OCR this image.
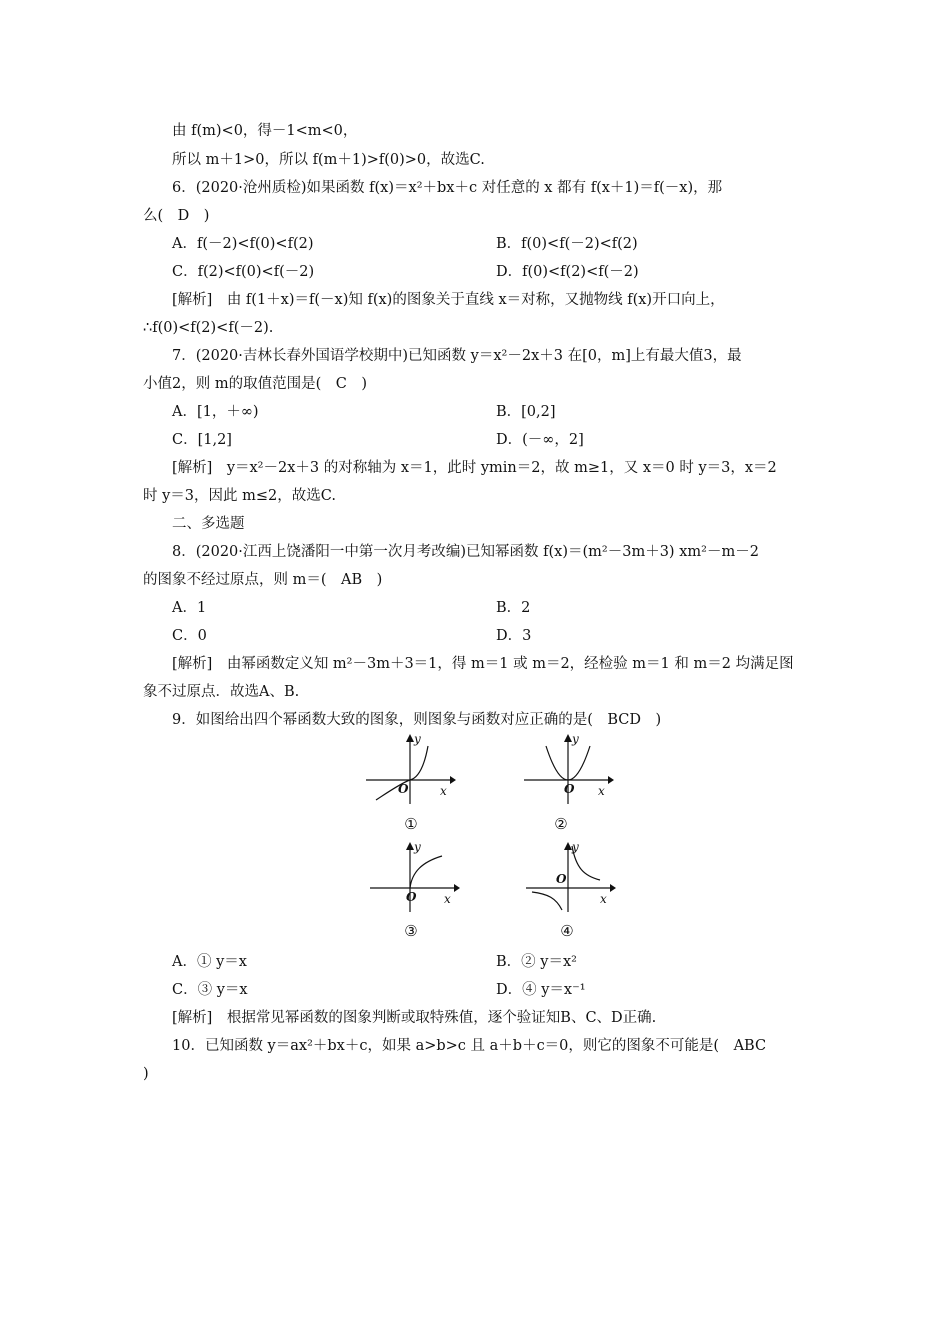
由 f(m)<0，得－1<m<0，
所以 m＋1>0，所以 f(m＋1)>f(0)>0，故选C.
6．(2020·沧州质检)如果函数 f(x)＝x²＋bx＋c 对任意的 x 都有 f(x＋1)＝f(－x)，那
么(　D　)
A．f(－2)<f(0)<f(2)	B．f(0)<f(－2)<f(2)
C．f(2)<f(0)<f(－2)	D．f(0)<f(2)<f(－2)
[解析]　由 f(1＋x)＝f(－x)知 f(x)的图象关于直线 x＝对称，又抛物线 f(x)开口向上，
∴f(0)<f(2)<f(－2).
7．(2020·吉林长春外国语学校期中)已知函数 y＝x²－2x＋3 在[0，m]上有最大值3，最
小值2，则 m的取值范围是(　C　)
A．[1，＋∞)	B．[0,2]
C．[1,2]	D．(－∞，2]
[解析]　y＝x²－2x＋3 的对称轴为 x＝1，此时 ymin＝2，故 m≥1，又 x＝0 时 y＝3，x＝2
时 y＝3，因此 m≤2，故选C.
二、多选题
8．(2020·江西上饶潘阳一中第一次月考改编)已知幂函数 f(x)＝(m²－3m＋3) xm²－m－2
的图象不经过原点，则 m＝(　AB　)
A．1	B．2
C．0	D．3
[解析]　由幂函数定义知 m²－3m＋3＝1，得 m＝1 或 m＝2，经检验 m＝1 和 m＝2 均满足图
象不过原点．故选A、B.
9．如图给出四个幂函数大致的图象，则图象与函数对应正确的是(　BCD　)
y
x
O
①
y
x
O
②
y
x
O
③
y
x
O
④
A．① y＝x	B．② y＝x²
C．③ y＝x	D．④ y＝x⁻¹
[解析]　根据常见幂函数的图象判断或取特殊值，逐个验证知B、C、D正确.
10．已知函数 y＝ax²＋bx＋c，如果 a>b>c 且 a＋b＋c＝0，则它的图象不可能是(　ABC
)
